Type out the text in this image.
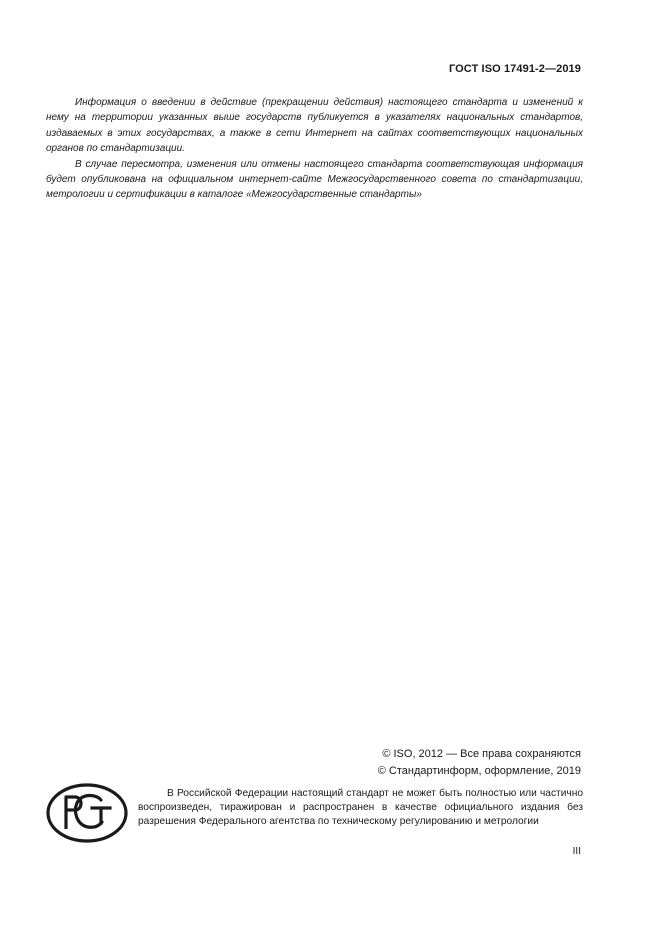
ГОСТ ISO 17491-2—2019

Информация о введении в действие (прекращении действия) настоящего стандарта и изменений к нему на территории указанных выше государств публикуется в указателях национальных стандартов, издаваемых в этих государствах, а также в сети Интернет на сайтах соответствующих национальных органов по стандартизации.

В случае пересмотра, изменения или отмены настоящего стандарта соответствующая информация будет опубликована на официальном интернет-сайте Межгосударственного совета по стандартизации, метрологии и сертификации в каталоге «Межгосударственные стандарты»

© ISO, 2012 — Все права сохраняются
© Стандартинформ, оформление, 2019

В Российской Федерации настоящий стандарт не может быть полностью или частично воспроизведен, тиражирован и распространен в качестве официального издания без разрешения Федерального агентства по техническому регулированию и метрологии

III
